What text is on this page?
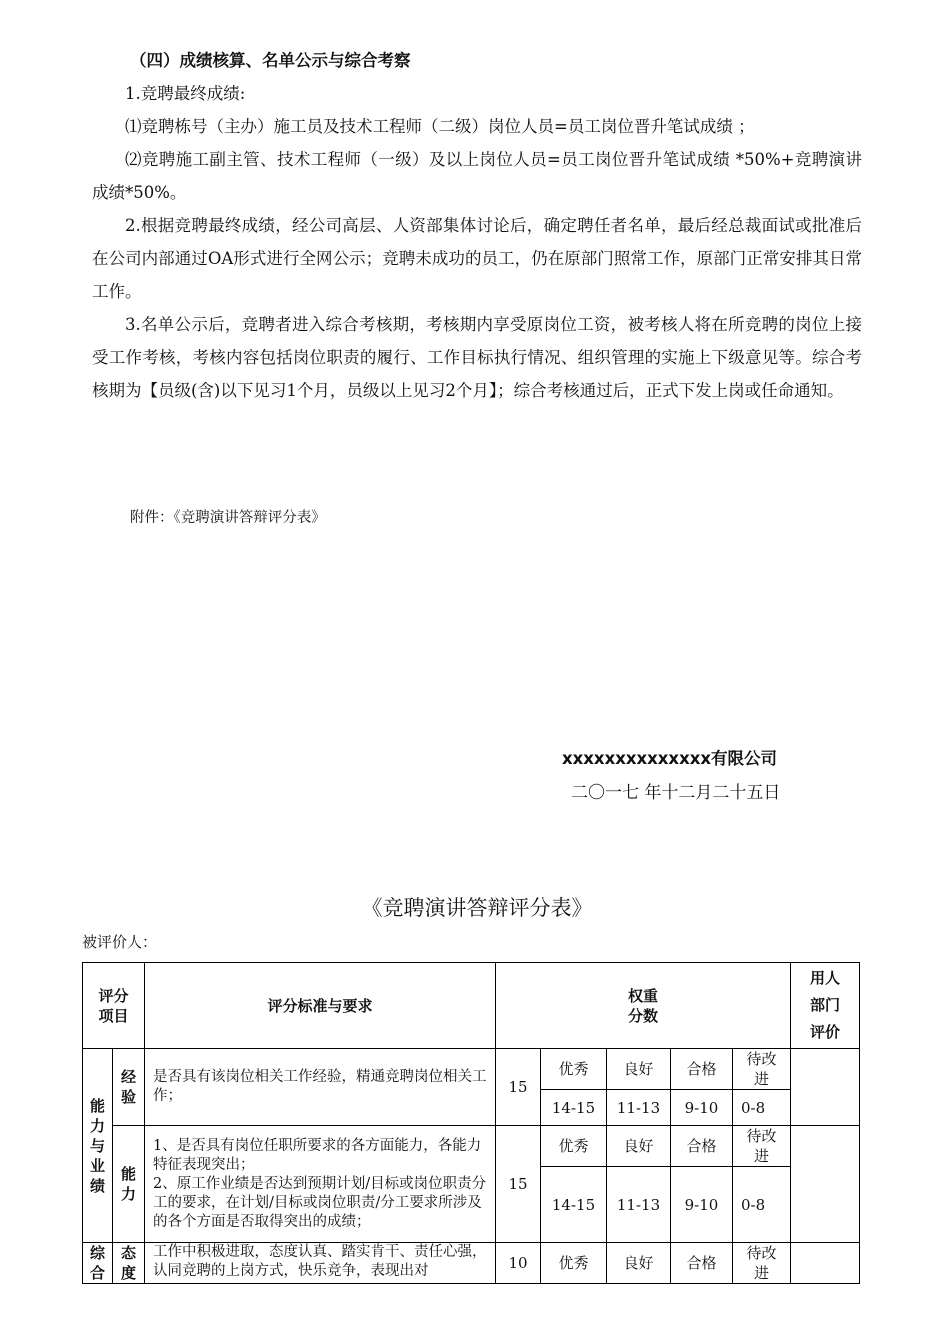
（四）成绩核算、名单公示与综合考察

1.竞聘最终成绩:

⑴竞聘栋号（主办）施工员及技术工程师（二级）岗位人员=员工岗位晋升笔试成绩 ；

⑵竞聘施工副主管、技术工程师（一级）及以上岗位人员=员工岗位晋升笔试成绩 *50%+竞聘演讲成绩*50%。

2.根据竞聘最终成绩，经公司高层、人资部集体讨论后，确定聘任者名单，最后经总裁面试或批准后在公司内部通过OA形式进行全网公示；竞聘未成功的员工，仍在原部门照常工作，原部门正常安排其日常工作。

3.名单公示后，竞聘者进入综合考核期，考核期内享受原岗位工资，被考核人将在所竞聘的岗位上接受工作考核，考核内容包括岗位职责的履行、工作目标执行情况、组织管理的实施上下级意见等。综合考核期为【员级(含)以下见习1个月，员级以上见习2个月】；综合考核通过后，正式下发上岗或任命通知。

附件：《竞聘演讲答辩评分表》

xxxxxxxxxxxxxx有限公司

二〇一七 年十二月二十五日

《竞聘演讲答辩评分表》

被评价人：

评分项目		评分标准与要求	权重分数					用人部门评价
能力与业绩	经验	是否具有该岗位相关工作经验，精通竞聘岗位相关工作；	15	优秀	良好	合格	待改进	
				14-15	11-13	9-10	0-8	
	能力	1、是否具有岗位任职所要求的各方面能力，各能力特征表现突出；
2、原工作业绩是否达到预期计划/目标或岗位职责分工的要求，在计划/目标或岗位职责/分工要求所涉及的各个方面是否取得突出的成绩；	15	优秀	良好	合格	待改进	
				14-15	11-13	9-10	0-8	

综合	态度	工作中积极进取，态度认真、踏实肯干、责任心强，认同竞聘的上岗方式，快乐竞争，表现出对	10	优秀	良好	合格	待改进	
